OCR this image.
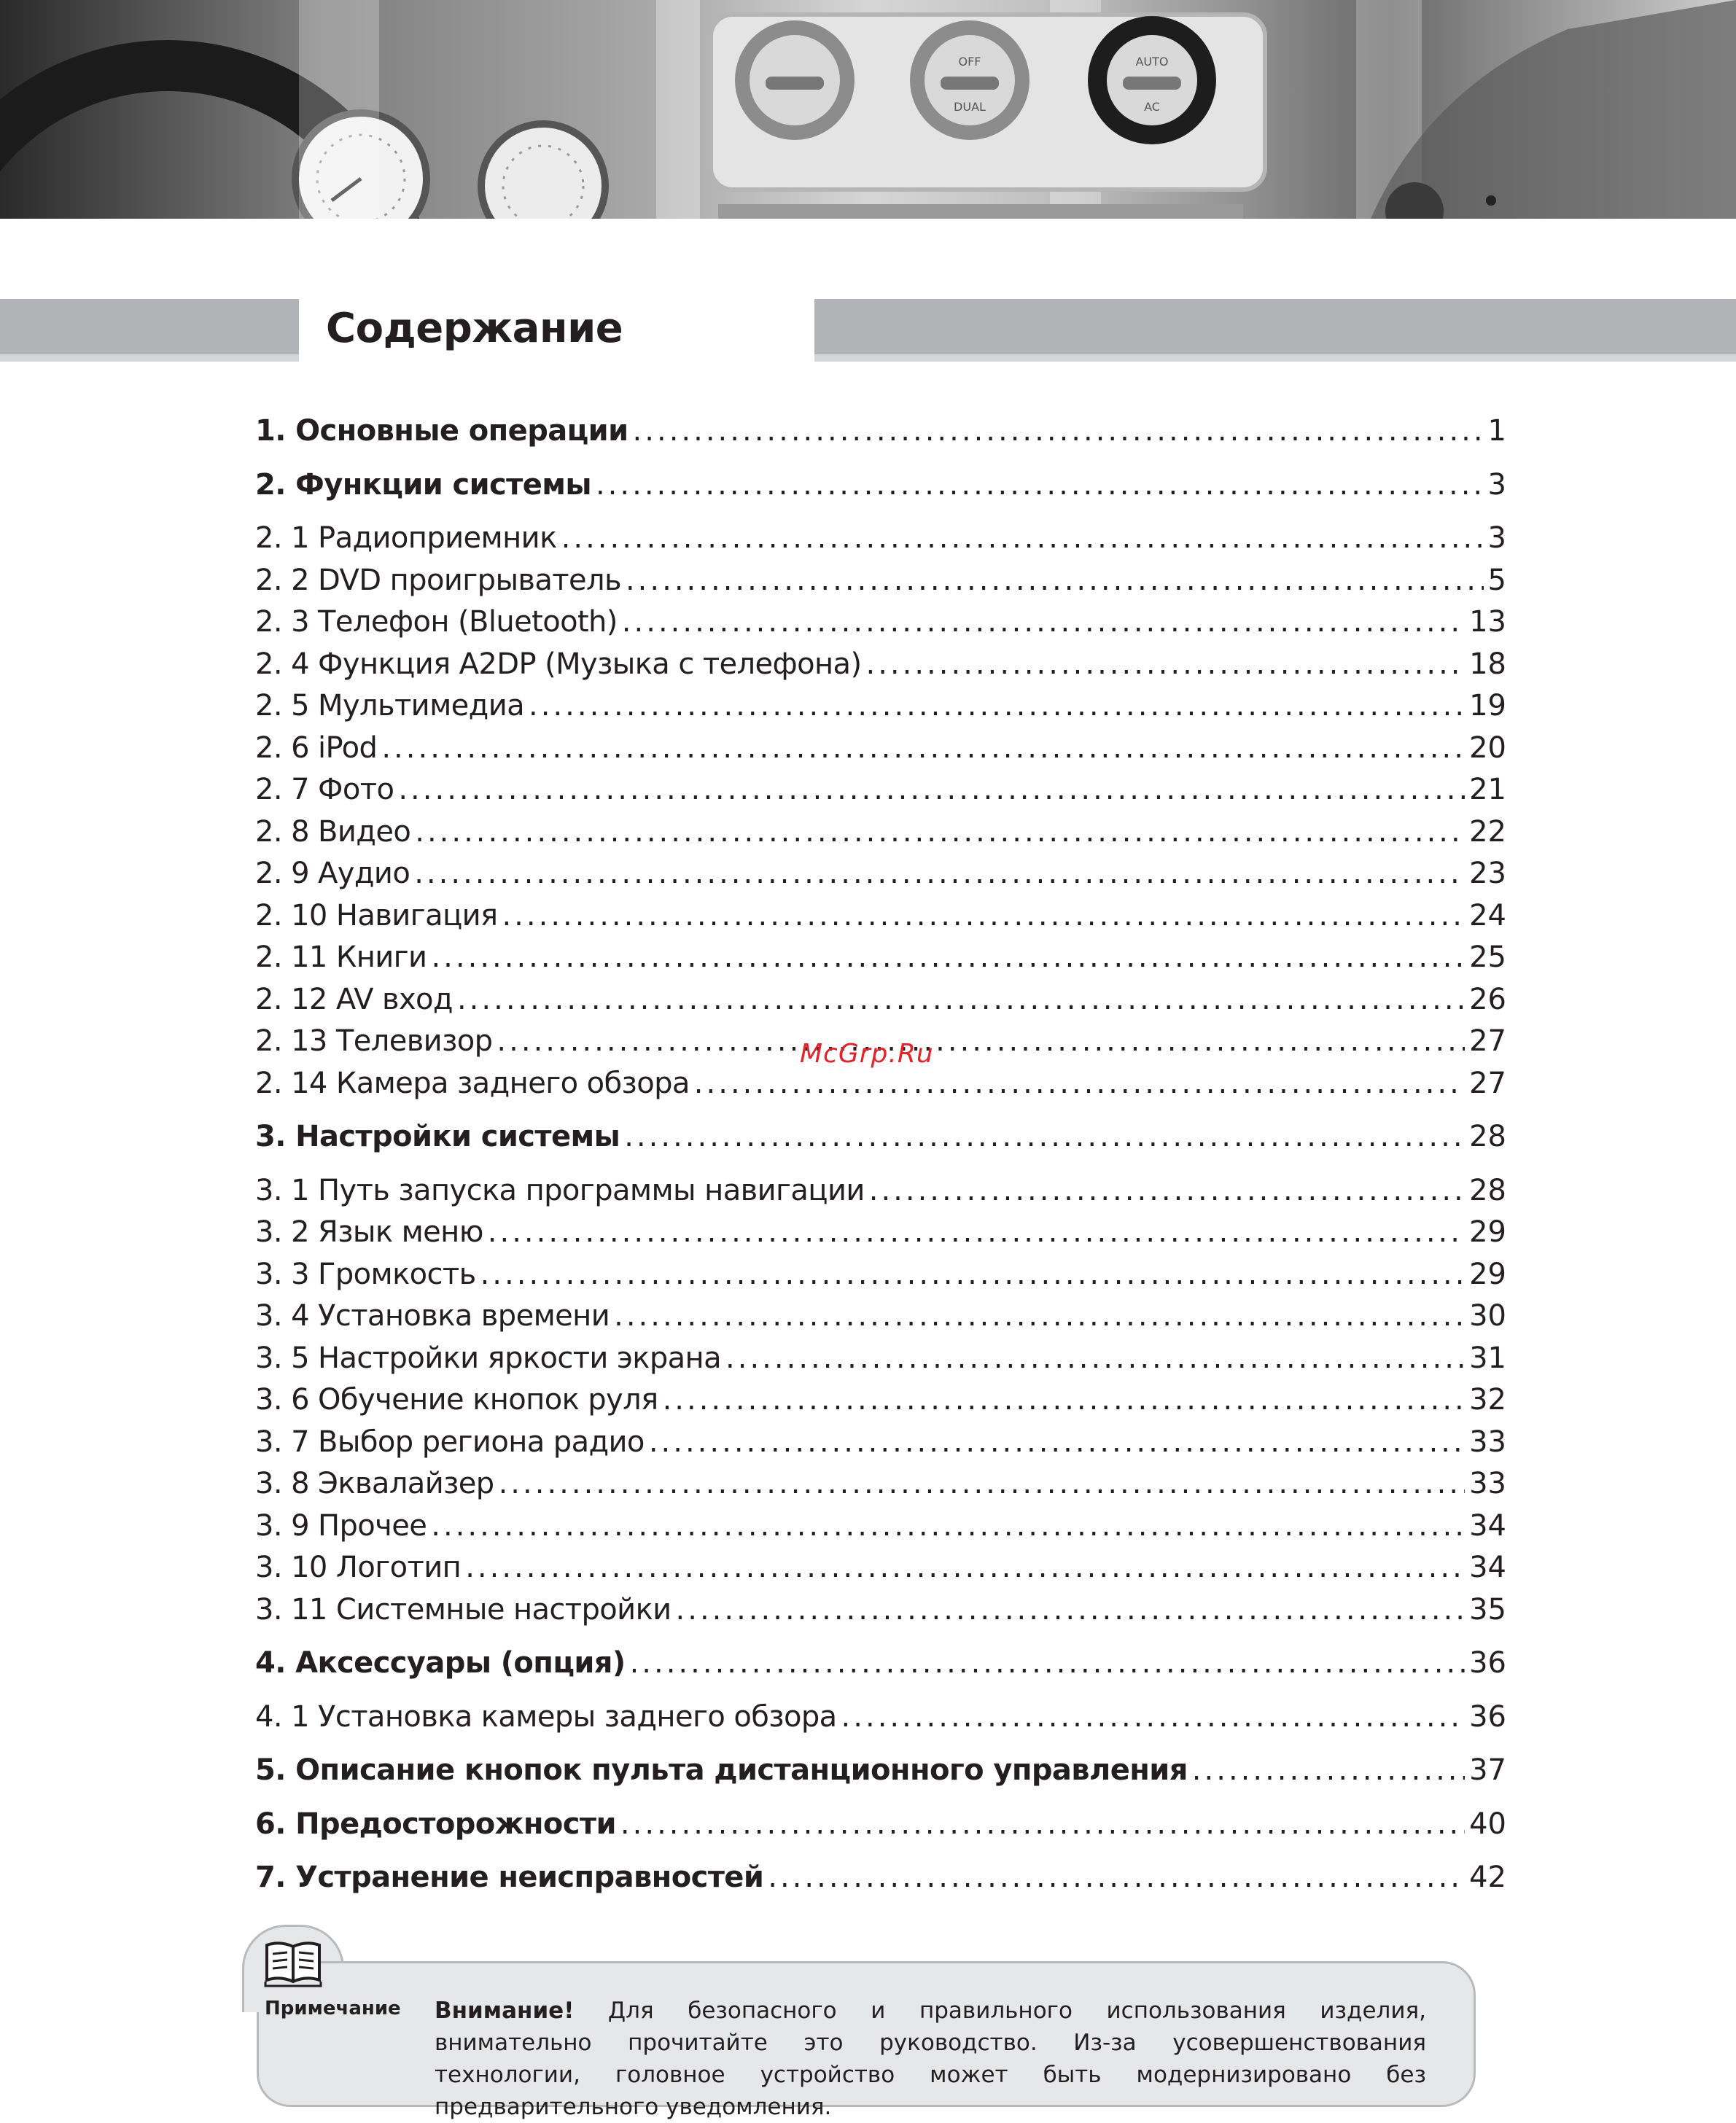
OFF
DUAL
AUTO
AC
Содержание
1. Основные операции .....	1
2. Функции системы .....	3
2. 1 Радиоприемник .....	3
2. 2 DVD проигрыватель .....	5
2. 3 Телефон (Bluetooth) .....	13
2. 4 Функция A2DP (Музыка с телефона) .....	18
2. 5 Мультимедиа .....	19
2. 6 iPod .....	20
2. 7 Фото .....	21
2. 8 Видео .....	22
2. 9 Аудио .....	23
2. 10 Навигация .....	24
2. 11 Книги .....	25
2. 12 AV вход .....	26
2. 13 Телевизор .....	27
2. 14 Камера заднего обзора .....	27
3. Настройки системы .....	28
3. 1 Путь запуска программы навигации .....	28
3. 2 Язык меню .....	29
3. 3 Громкость .....	29
3. 4 Установка времени .....	30
3. 5 Настройки яркости экрана .....	31
3. 6 Обучение кнопок руля .....	32
3. 7 Выбор региона радио .....	33
3. 8 Эквалайзер .....	33
3. 9 Прочее .....	34
3. 10 Логотип .....	34
3. 11 Системные настройки .....	35
4. Аксессуары (опция) .....	36
4. 1 Установка камеры заднего обзора .....	36
5. Описание кнопок пульта дистанционного управления .....	37
6. Предосторожности .....	40
7. Устранение неисправностей .....	42
McGrp.Ru
Примечание Внимание! Для безопасного и правильного использования изделия, внимательно прочитайте это руководство. Из-за усовершенствования технологии, головное устройство может быть модернизировано без предварительного уведомления.
